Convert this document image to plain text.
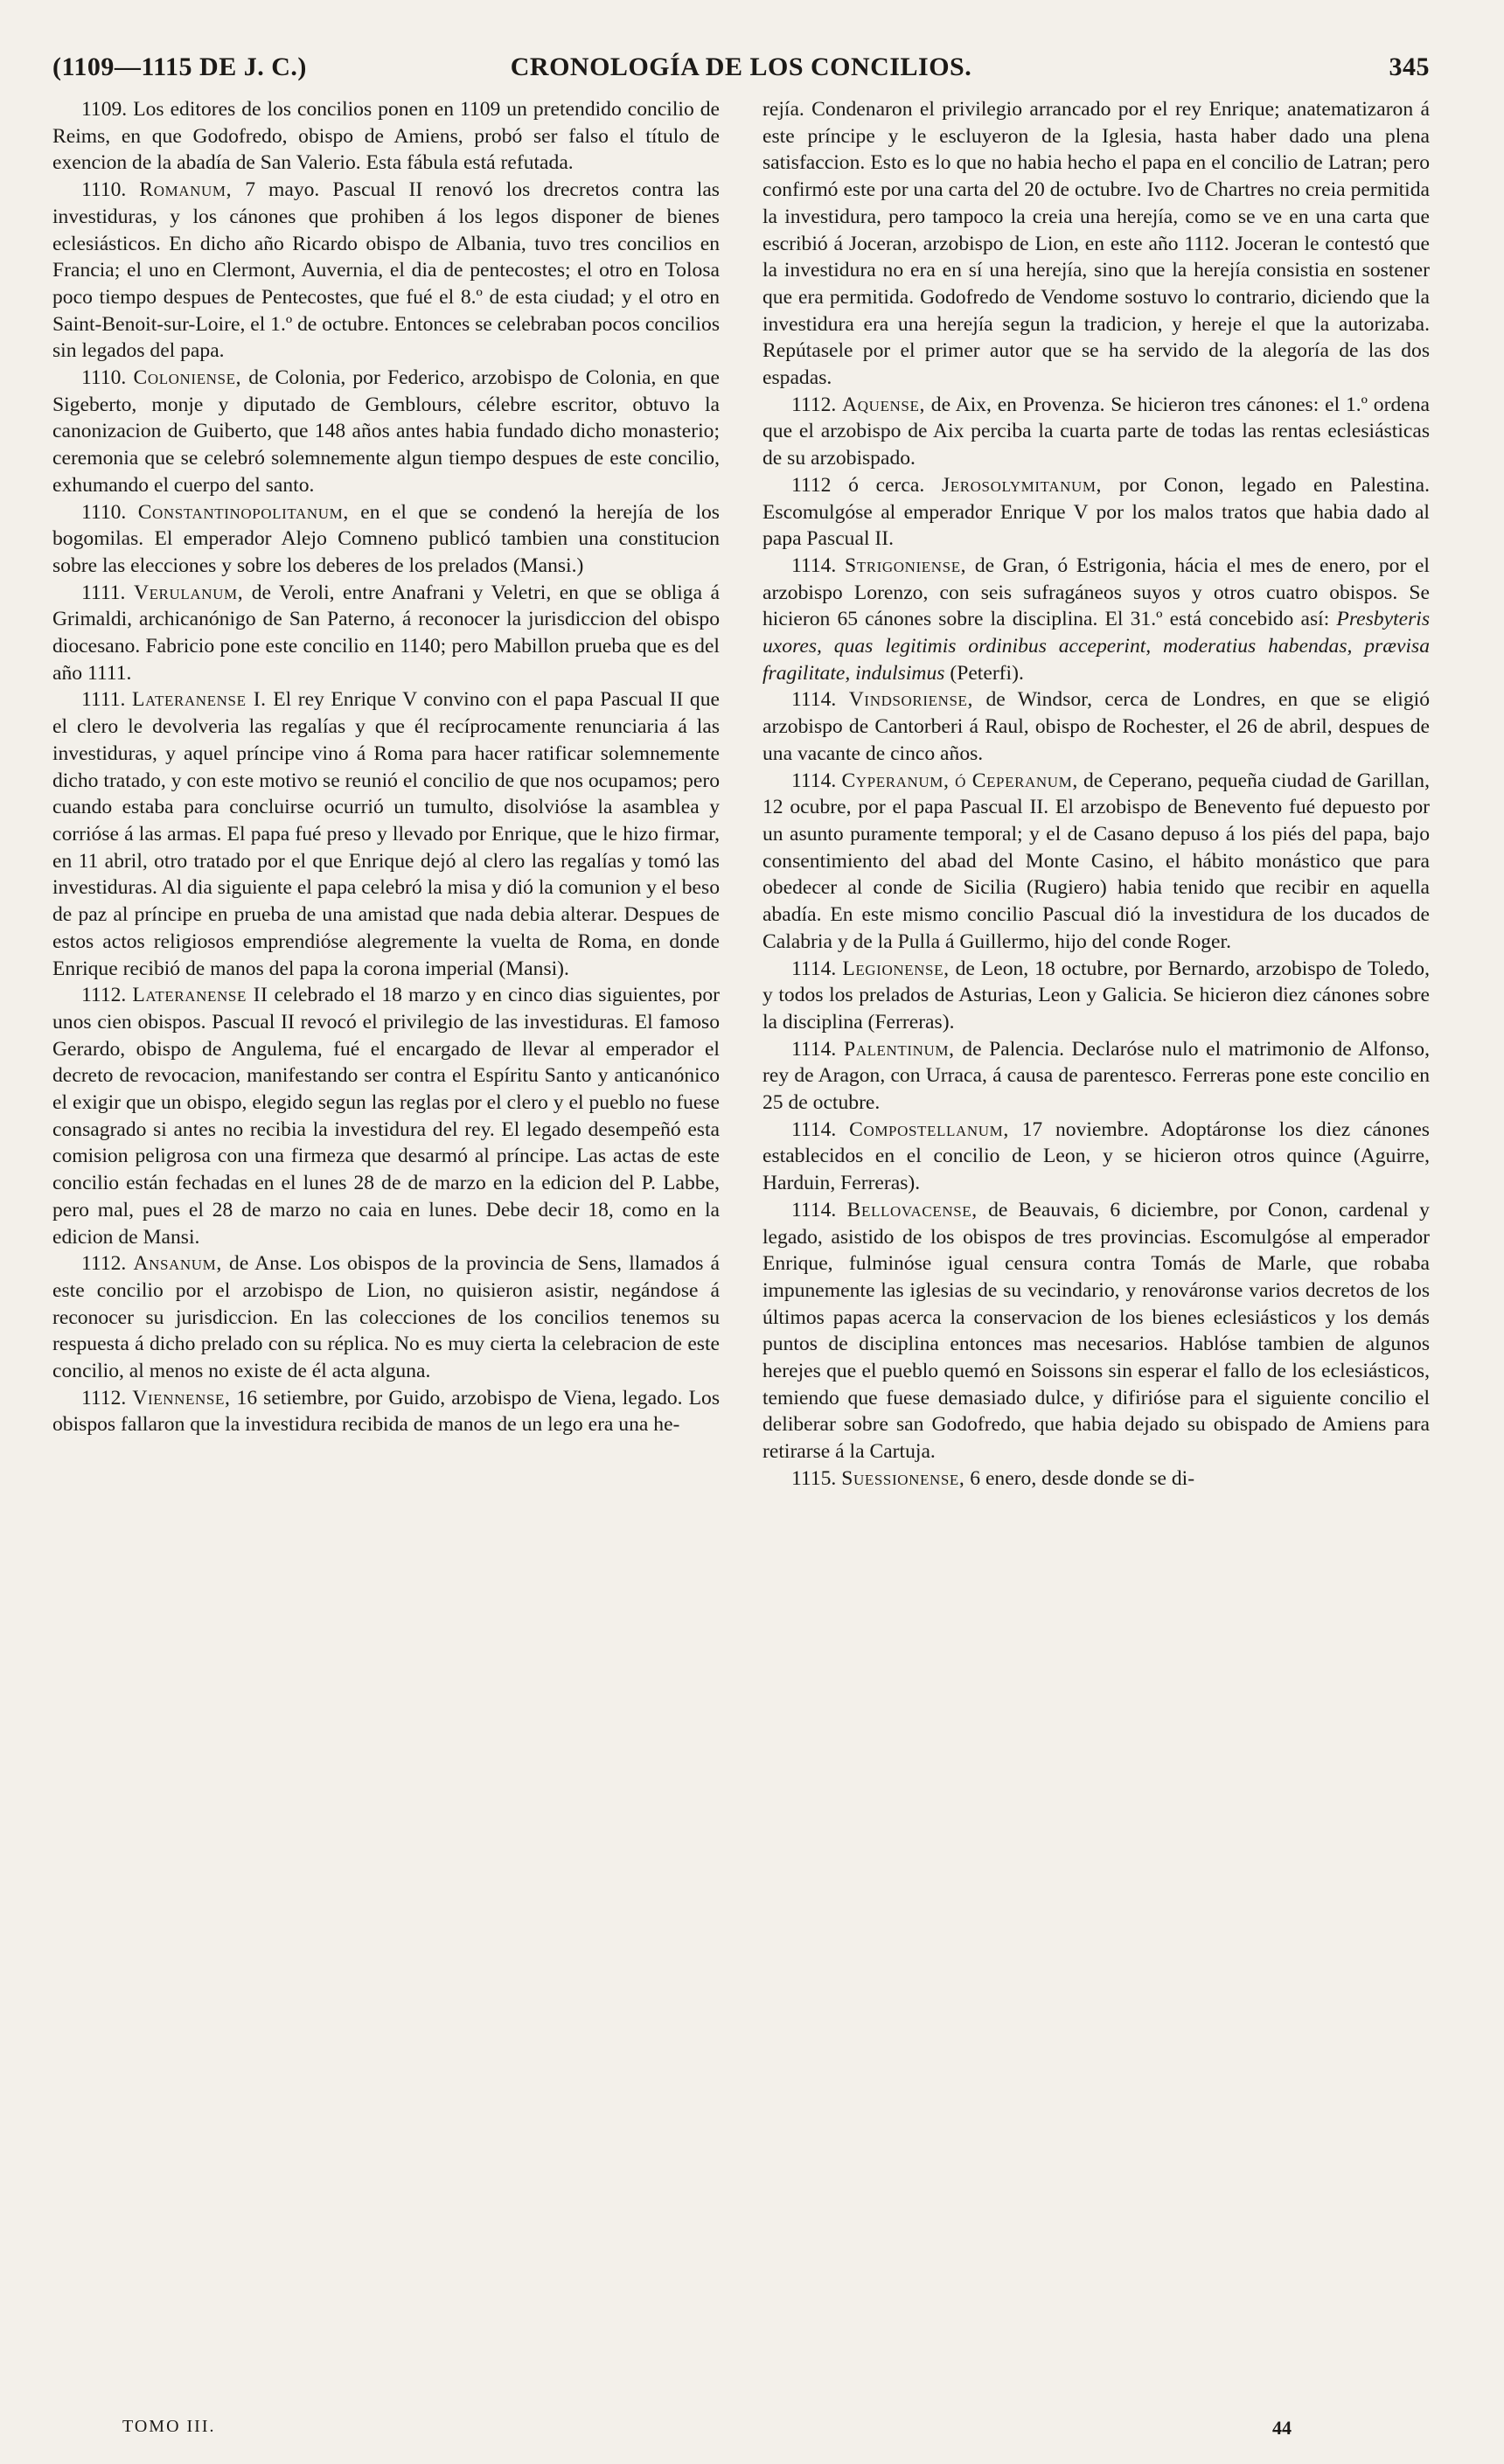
(1109—1115 DE J. C.)	CRONOLOGÍA DE LOS CONCILIOS.	345

1109. Los editores de los concilios ponen en 1109 un pretendido concilio de Reims, en que Godofredo, obispo de Amiens, probó ser falso el título de exencion de la abadía de San Valerio. Esta fábula está refutada.

1110. Romanum, 7 mayo. Pascual II renovó los drecretos contra las investiduras, y los cánones que prohiben á los legos disponer de bienes eclesiásticos. En dicho año Ricardo obispo de Albania, tuvo tres concilios en Francia; el uno en Clermont, Auvernia, el dia de pentecostes; el otro en Tolosa poco tiempo despues de Pentecostes, que fué el 8.º de esta ciudad; y el otro en Saint-Benoit-sur-Loire, el 1.º de octubre. Entonces se celebraban pocos concilios sin legados del papa.

1110. Coloniense, de Colonia, por Federico, arzobispo de Colonia, en que Sigeberto, monje y diputado de Gemblours, célebre escritor, obtuvo la canonizacion de Guiberto, que 148 años antes habia fundado dicho monasterio; ceremonia que se celebró solemnemente algun tiempo despues de este concilio, exhumando el cuerpo del santo.

1110. Constantinopolitanum, en el que se condenó la herejía de los bogomilas. El emperador Alejo Comneno publicó tambien una constitucion sobre las elecciones y sobre los deberes de los prelados (Mansi.)

1111. Verulanum, de Veroli, entre Anafrani y Veletri, en que se obliga á Grimaldi, archicanónigo de San Paterno, á reconocer la jurisdiccion del obispo diocesano. Fabricio pone este concilio en 1140; pero Mabillon prueba que es del año 1111.

1111. Lateranense I. El rey Enrique V convino con el papa Pascual II que el clero le devolveria las regalías y que él recíprocamente renunciaria á las investiduras, y aquel príncipe vino á Roma para hacer ratificar solemnemente dicho tratado, y con este motivo se reunió el concilio de que nos ocupamos; pero cuando estaba para concluirse ocurrió un tumulto, disolvióse la asamblea y corrióse á las armas. El papa fué preso y llevado por Enrique, que le hizo firmar, en 11 abril, otro tratado por el que Enrique dejó al clero las regalías y tomó las investiduras. Al dia siguiente el papa celebró la misa y dió la comunion y el beso de paz al príncipe en prueba de una amistad que nada debia alterar. Despues de estos actos religiosos emprendióse alegremente la vuelta de Roma, en donde Enrique recibió de manos del papa la corona imperial (Mansi).

1112. Lateranense II celebrado el 18 marzo y en cinco dias siguientes, por unos cien obispos. Pascual II revocó el privilegio de las investiduras. El famoso Gerardo, obispo de Angulema, fué el encargado de llevar al emperador el decreto de revocacion, manifestando ser contra el Espíritu Santo y anticanónico el exigir que un obispo, elegido segun las reglas por el clero y el pueblo no fuese consagrado si antes no recibia la investidura del rey. El legado desempeñó esta comision peligrosa con una firmeza que desarmó al príncipe. Las actas de este concilio están fechadas en el lunes 28 de de marzo en la edicion del P. Labbe, pero mal, pues el 28 de marzo no caia en lunes. Debe decir 18, como en la edicion de Mansi.

1112. Ansanum, de Anse. Los obispos de la provincia de Sens, llamados á este concilio por el arzobispo de Lion, no quisieron asistir, negándose á reconocer su jurisdiccion. En las colecciones de los concilios tenemos su respuesta á dicho prelado con su réplica. No es muy cierta la celebracion de este concilio, al menos no existe de él acta alguna.

1112. Viennense, 16 setiembre, por Guido, arzobispo de Viena, legado. Los obispos fallaron que la investidura recibida de manos de un lego era una he-

rejía. Condenaron el privilegio arrancado por el rey Enrique; anatematizaron á este príncipe y le escluyeron de la Iglesia, hasta haber dado una plena satisfaccion. Esto es lo que no habia hecho el papa en el concilio de Latran; pero confirmó este por una carta del 20 de octubre. Ivo de Chartres no creia permitida la investidura, pero tampoco la creia una herejía, como se ve en una carta que escribió á Joceran, arzobispo de Lion, en este año 1112. Joceran le contestó que la investidura no era en sí una herejía, sino que la herejía consistia en sostener que era permitida. Godofredo de Vendome sostuvo lo contrario, diciendo que la investidura era una herejía segun la tradicion, y hereje el que la autorizaba. Repútasele por el primer autor que se ha servido de la alegoría de las dos espadas.

1112. Aquense, de Aix, en Provenza. Se hicieron tres cánones: el 1.º ordena que el arzobispo de Aix perciba la cuarta parte de todas las rentas eclesiásticas de su arzobispado.

1112 ó cerca. Jerosolymitanum, por Conon, legado en Palestina. Escomulgóse al emperador Enrique V por los malos tratos que habia dado al papa Pascual II.

1114. Strigoniense, de Gran, ó Estrigonia, hácia el mes de enero, por el arzobispo Lorenzo, con seis sufragáneos suyos y otros cuatro obispos. Se hicieron 65 cánones sobre la disciplina. El 31.º está concebido así: Presbyteris uxores, quas legitimis ordinibus acceperint, moderatius habendas, prævisa fragilitate, indulsimus (Peterfi).

1114. Vindsoriense, de Windsor, cerca de Londres, en que se eligió arzobispo de Cantorberi á Raul, obispo de Rochester, el 26 de abril, despues de una vacante de cinco años.

1114. Cyperanum, ó Ceperanum, de Ceperano, pequeña ciudad de Garillan, 12 ocubre, por el papa Pascual II. El arzobispo de Benevento fué depuesto por un asunto puramente temporal; y el de Casano depuso á los piés del papa, bajo consentimiento del abad del Monte Casino, el hábito monástico que para obedecer al conde de Sicilia (Rugiero) habia tenido que recibir en aquella abadía. En este mismo concilio Pascual dió la investidura de los ducados de Calabria y de la Pulla á Guillermo, hijo del conde Roger.

1114. Legionense, de Leon, 18 octubre, por Bernardo, arzobispo de Toledo, y todos los prelados de Asturias, Leon y Galicia. Se hicieron diez cánones sobre la disciplina (Ferreras).

1114. Palentinum, de Palencia. Declaróse nulo el matrimonio de Alfonso, rey de Aragon, con Urraca, á causa de parentesco. Ferreras pone este concilio en 25 de octubre.

1114. Compostellanum, 17 noviembre. Adoptáronse los diez cánones establecidos en el concilio de Leon, y se hicieron otros quince (Aguirre, Harduin, Ferreras).

1114. Bellovacense, de Beauvais, 6 diciembre, por Conon, cardenal y legado, asistido de los obispos de tres provincias. Escomulgóse al emperador Enrique, fulminóse igual censura contra Tomás de Marle, que robaba impunemente las iglesias de su vecindario, y renováronse varios decretos de los últimos papas acerca la conservacion de los bienes eclesiásticos y los demás puntos de disciplina entonces mas necesarios. Hablóse tambien de algunos herejes que el pueblo quemó en Soissons sin esperar el fallo de los eclesiásticos, temiendo que fuese demasiado dulce, y difirióse para el siguiente concilio el deliberar sobre san Godofredo, que habia dejado su obispado de Amiens para retirarse á la Cartuja.

1115. Suessionense, 6 enero, desde donde se di-

TOMO III.	44
